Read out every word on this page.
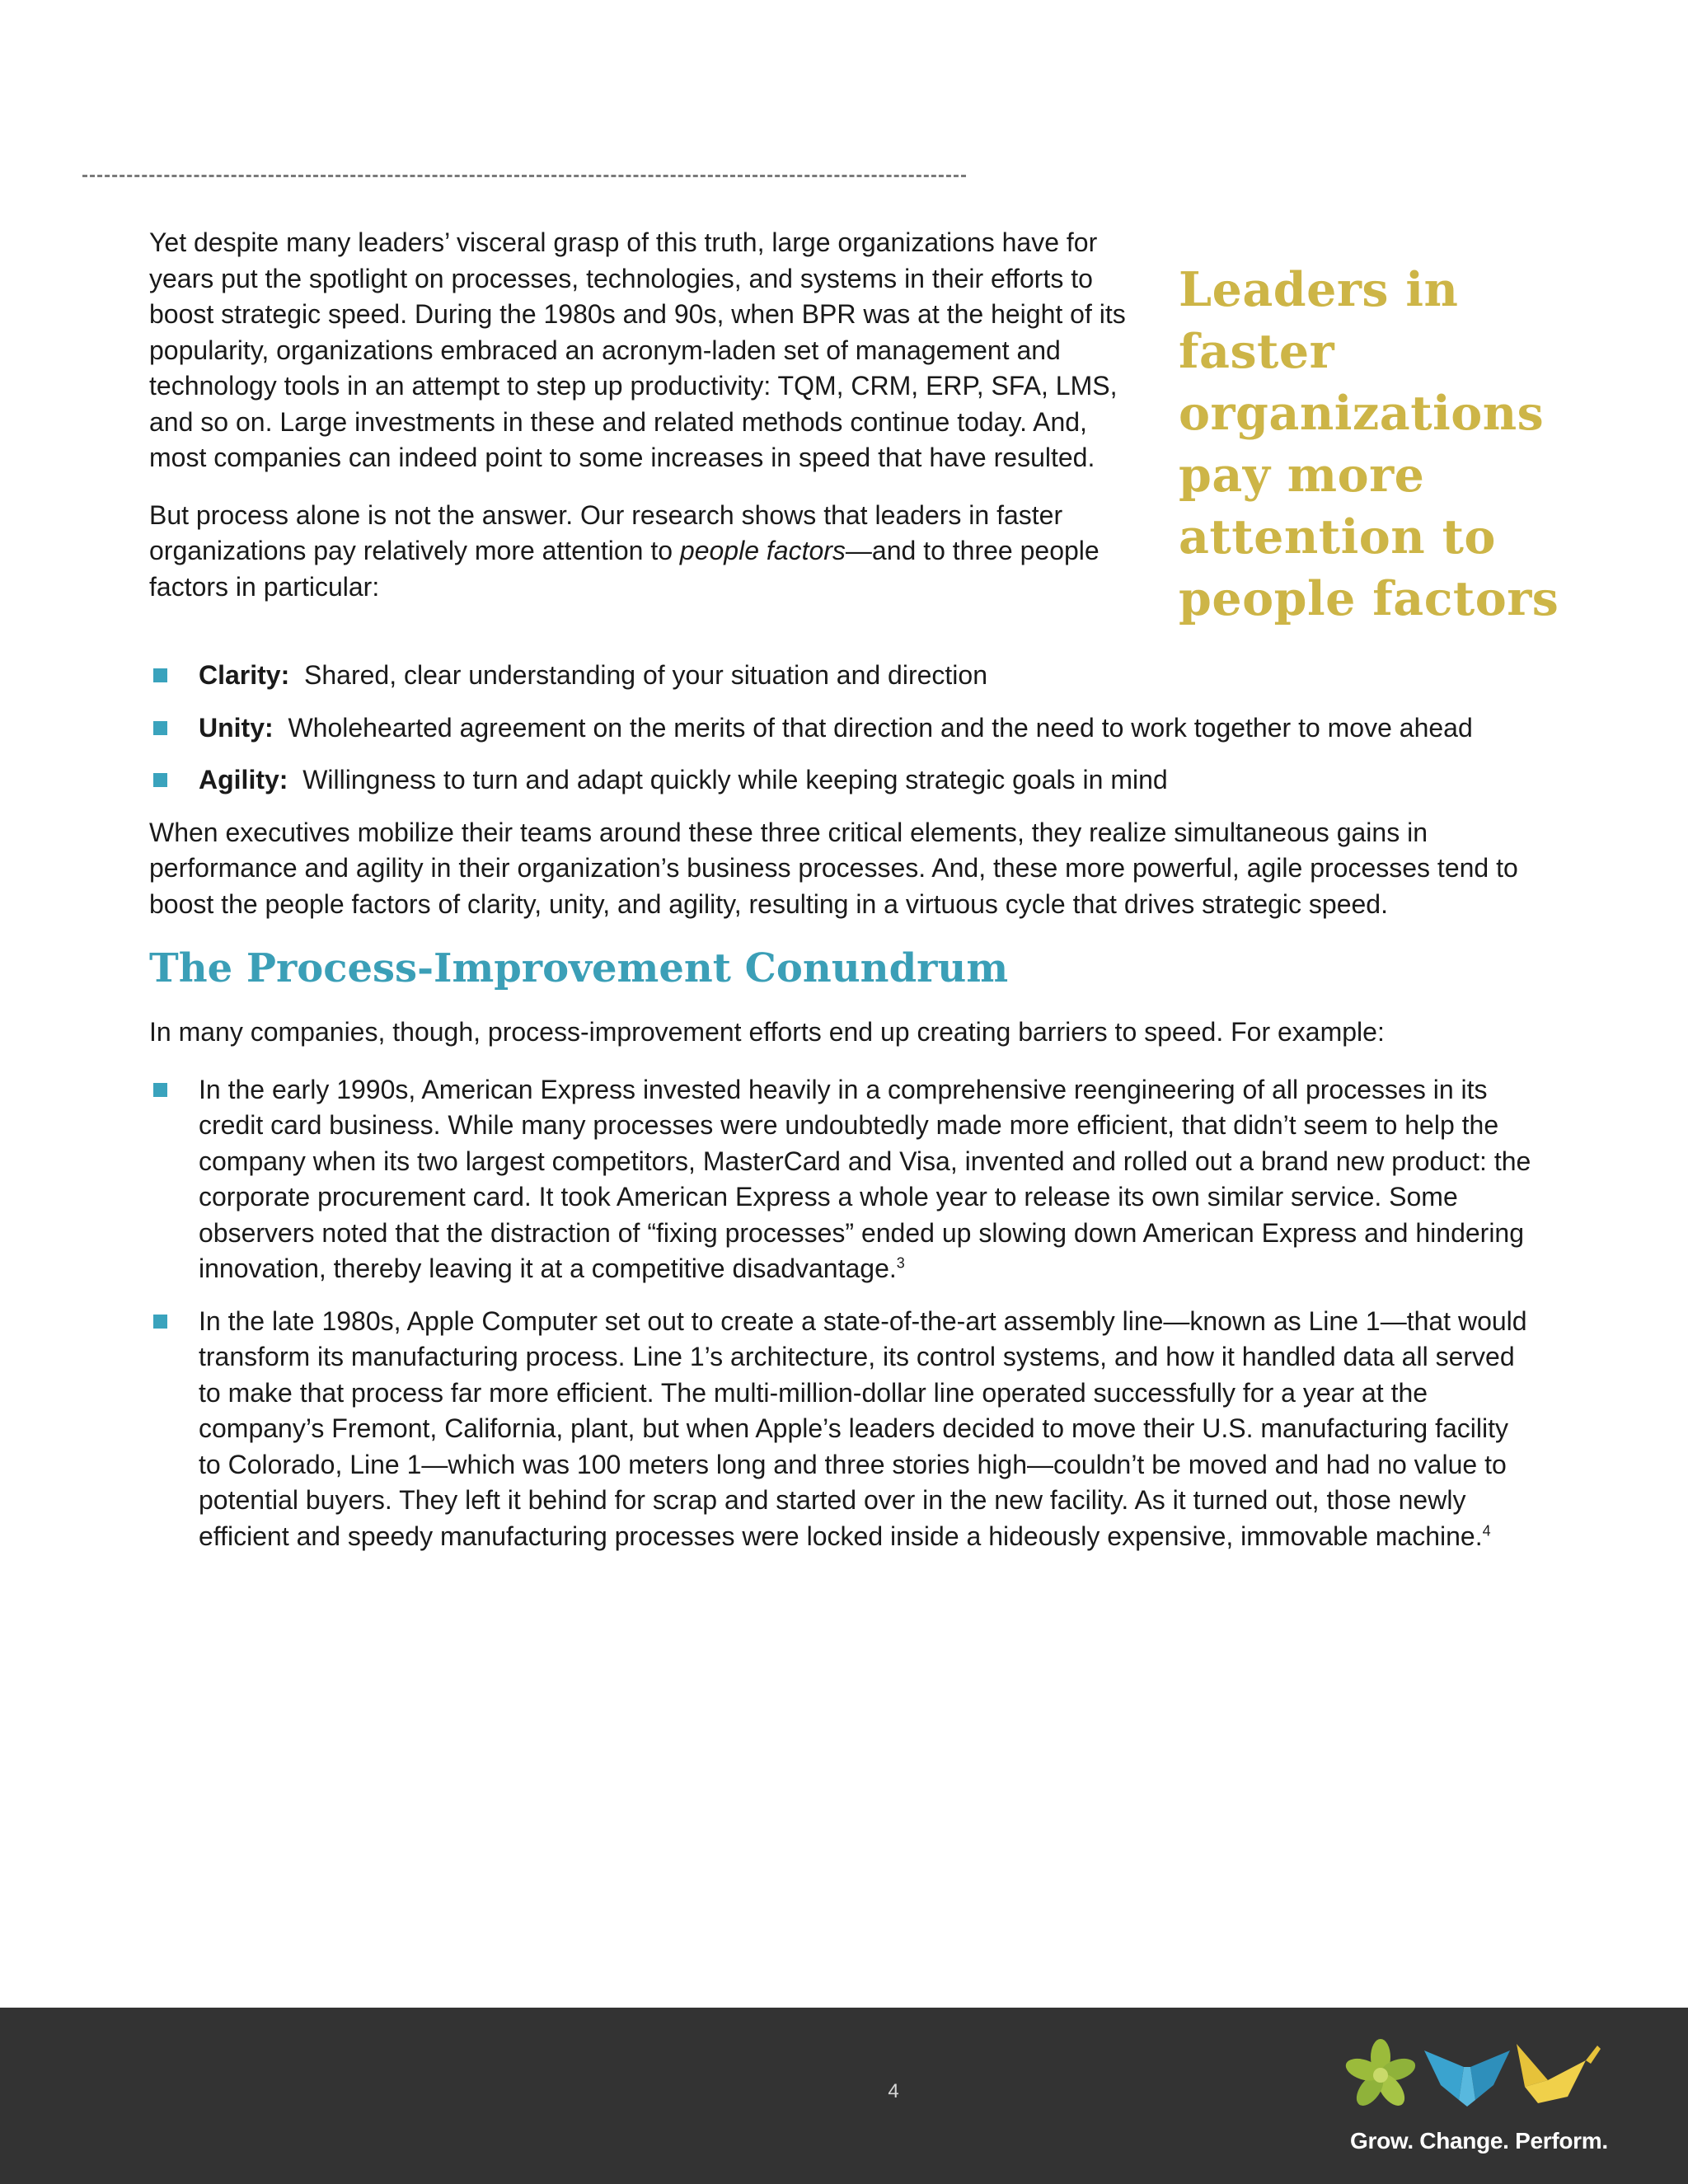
Yet despite many leaders’ visceral grasp of this truth, large organizations have for years put the spotlight on processes, technologies, and systems in their efforts to boost strategic speed. During the 1980s and 90s, when BPR was at the height of its popularity, organizations embraced an acronym-laden set of management and technology tools in an attempt to step up productivity: TQM, CRM, ERP, SFA, LMS, and so on. Large investments in these and related methods continue today. And, most companies can indeed point to some increases in speed that have resulted.

But process alone is not the answer. Our research shows that leaders in faster organizations pay relatively more attention to people factors—and to three people factors in particular:

Leaders in faster organizations pay more attention to people factors
Clarity: Shared, clear understanding of your situation and direction
Unity: Wholehearted agreement on the merits of that direction and the need to work together to move ahead
Agility: Willingness to turn and adapt quickly while keeping strategic goals in mind

When executives mobilize their teams around these three critical elements, they realize simultaneous gains in performance and agility in their organization’s business processes. And, these more powerful, agile processes tend to boost the people factors of clarity, unity, and agility, resulting in a virtuous cycle that drives strategic speed.

The Process-Improvement Conundrum

In many companies, though, process-improvement efforts end up creating barriers to speed. For example:

In the early 1990s, American Express invested heavily in a comprehensive reengineering of all processes in its credit card business. While many processes were undoubtedly made more efficient, that didn’t seem to help the company when its two largest competitors, MasterCard and Visa, invented and rolled out a brand new product: the corporate procurement card. It took American Express a whole year to release its own similar service. Some observers noted that the distraction of “fixing processes” ended up slowing down American Express and hindering innovation, thereby leaving it at a competitive disadvantage.$^3$
In the late 1980s, Apple Computer set out to create a state-of-the-art assembly line—known as Line 1—that would transform its manufacturing process. Line 1’s architecture, its control systems, and how it handled data all served to make that process far more efficient. The multi-million-dollar line operated successfully for a year at the company’s Fremont, California, plant, but when Apple’s leaders decided to move their U.S. manufacturing facility to Colorado, Line 1—which was 100 meters long and three stories high—couldn’t be moved and had no value to potential buyers. They left it behind for scrap and started over in the new facility. As it turned out, those newly efficient and speedy manufacturing processes were locked inside a hideously expensive, immovable machine.$^4$
4
Grow. Change. Perform.
